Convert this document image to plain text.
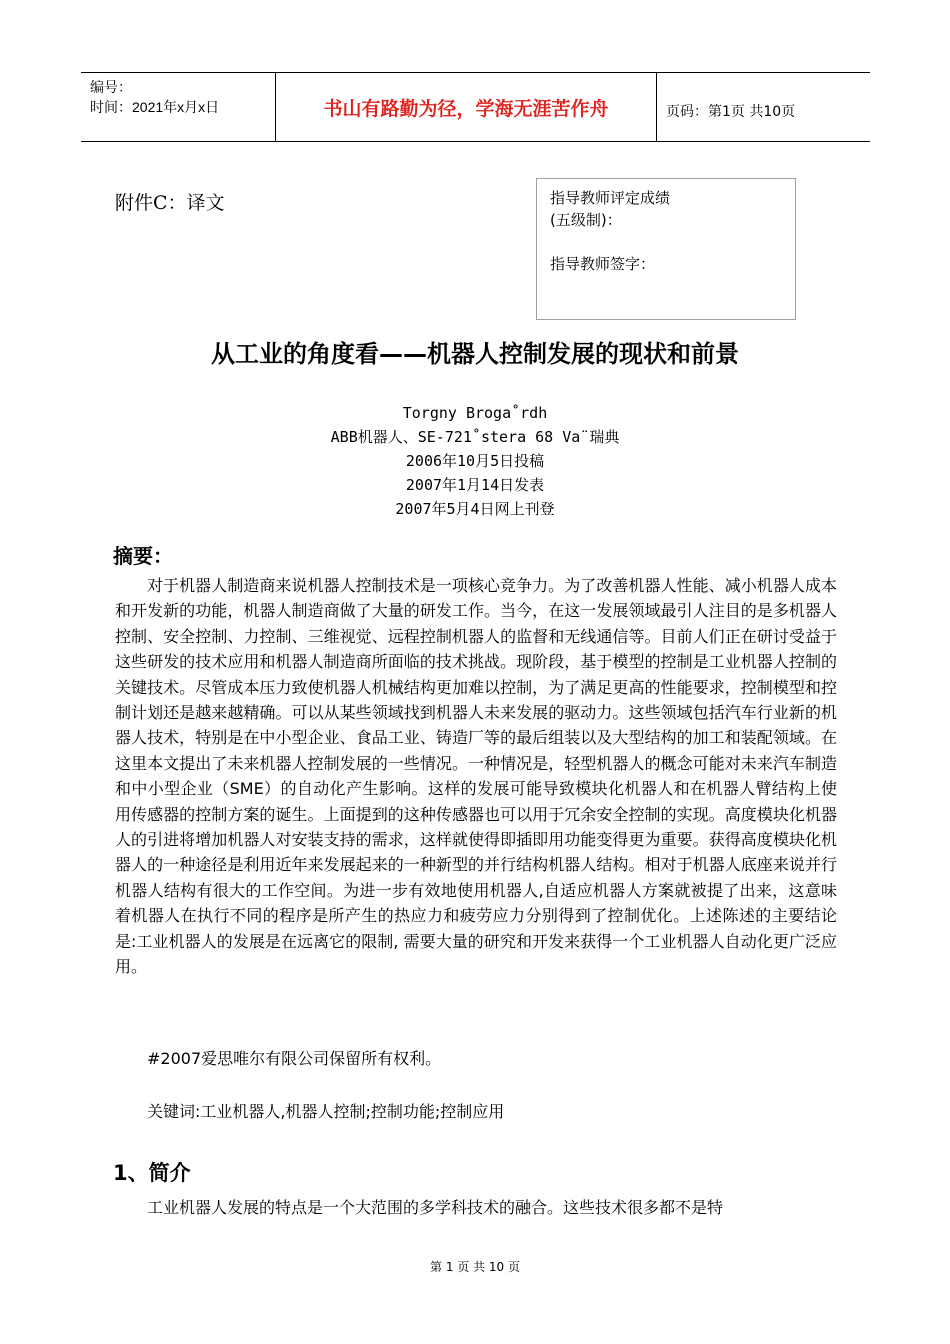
编号：
时间：2021年x月x日	书山有路勤为径，学海无涯苦作舟	页码：第1页 共10页
附件C：译文	指导教师评定成绩
(五级制)：
指导教师签字：
从工业的角度看——机器人控制发展的现状和前景
Torgny Broga˚rdh
ABB机器人、SE-721˚stera 68 Va¨瑞典
2006年10月5日投稿
2007年1月14日发表
2007年5月4日网上刊登
摘要：

对于机器人制造商来说机器人控制技术是一项核心竞争力。为了改善机器人性能、减小机器人成本和开发新的功能，机器人制造商做了大量的研发工作。当今，在这一发展领域最引人注目的是多机器人控制、安全控制、力控制、三维视觉、远程控制机器人的监督和无线通信等。目前人们正在研讨受益于这些研发的技术应用和机器人制造商所面临的技术挑战。现阶段，基于模型的控制是工业机器人控制的关键技术。尽管成本压力致使机器人机械结构更加难以控制，为了满足更高的性能要求，控制模型和控制计划还是越来越精确。可以从某些领域找到机器人未来发展的驱动力。这些领域包括汽车行业新的机器人技术，特别是在中小型企业、食品工业、铸造厂等的最后组装以及大型结构的加工和装配领域。在这里本文提出了未来机器人控制发展的一些情况。一种情况是，轻型机器人的概念可能对未来汽车制造和中小型企业（SME）的自动化产生影响。这样的发展可能导致模块化机器人和在机器人臂结构上使用传感器的控制方案的诞生。上面提到的这种传感器也可以用于冗余安全控制的实现。高度模块化机器人的引进将增加机器人对安装支持的需求，这样就使得即插即用功能变得更为重要。获得高度模块化机器人的一种途径是利用近年来发展起来的一种新型的并行结构机器人结构。相对于机器人底座来说并行机器人结构有很大的工作空间。为进一步有效地使用机器人,自适应机器人方案就被提了出来，这意味着机器人在执行不同的程序是所产生的热应力和疲劳应力分别得到了控制优化。上述陈述的主要结论是:工业机器人的发展是在远离它的限制, 需要大量的研究和开发来获得一个工业机器人自动化更广泛应用。

#2007爱思唯尔有限公司保留所有权利。
关键词:工业机器人,机器人控制;控制功能;控制应用
1、简介
工业机器人发展的特点是一个大范围的多学科技术的融合。这些技术很多都不是特
第 1 页 共 10 页
